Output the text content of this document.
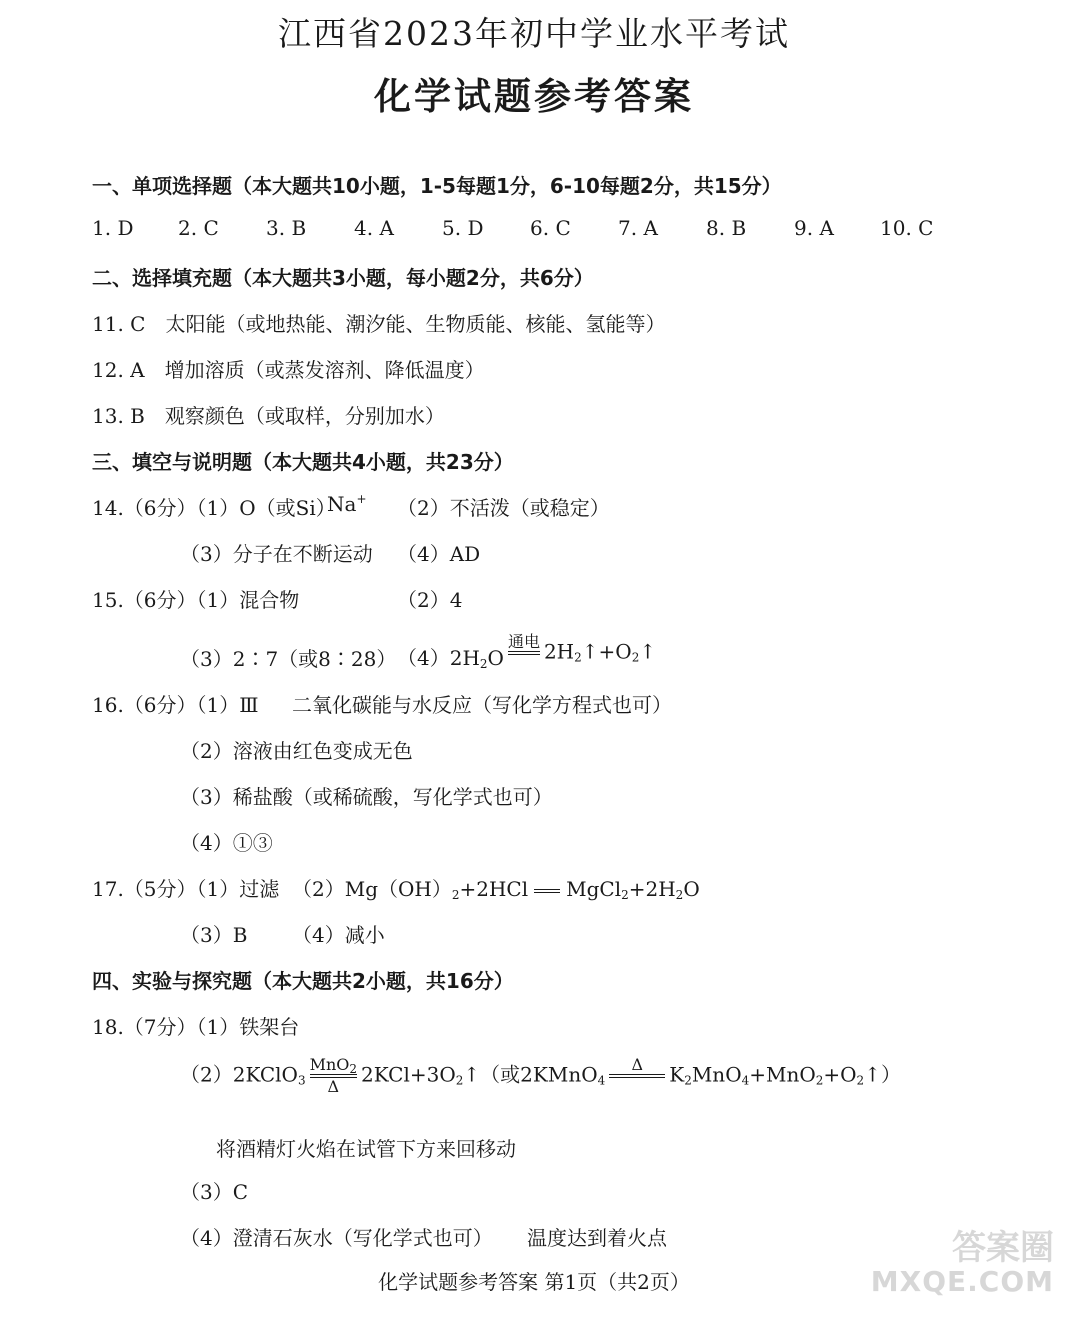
江西省2023年初中学业水平考试
化学试题参考答案
一、单项选择题（本大题共10小题，1-5每题1分，6-10每题2分，共15分）
1. D 2. C 3. B 4. A 5. D 6. C 7. A 8. B 9. A 10. C
二、选择填充题（本大题共3小题，每小题2分，共6分）
11. C　太阳能（或地热能、潮汐能、生物质能、核能、氢能等）
12. A　增加溶质（或蒸发溶剂、降低温度）
13. B　观察颜色（或取样，分别加水）
三、填空与说明题（本大题共4小题，共23分）
14.（6分）（1）O（或Si）
Na+ （2）不活泼（或稳定）
（3）分子在不断运动 （4）AD
15.（6分）（1）混合物	（2）4
（3）2∶7（或8∶28） $(4)2H_2O$
通电 $2H_2↑+O_2↑$
16.（6分）（1）Ⅲ 二氧化碳能与水反应（写化学方程式也可）
（2）溶液由红色变成无色
（3）稀盐酸（或稀硫酸，写化学式也可）
（4）①③
17.（5分）（1）过滤 $(2)Mg(OH)_2+2HCl$ $MgCl_2+2H_2O$
（3）B （4）减小
四、实验与探究题（本大题共2小题，共16分）
18.（7分）（1）铁架台
（2）2KClO$_3$ $\frac{MnO_2}{\Delta}$ $2KCl+3O_2↑$（或2KMnO$_4$
Δ	$K_2MnO_4+MnO_2+O_2↑$）
将酒精灯火焰在试管下方来回移动
（3）C
（4）澄清石灰水（写化学式也可） 温度达到着火点
化学试题参考答案 第1页（共2页）
答案圈
MXQE.COM
